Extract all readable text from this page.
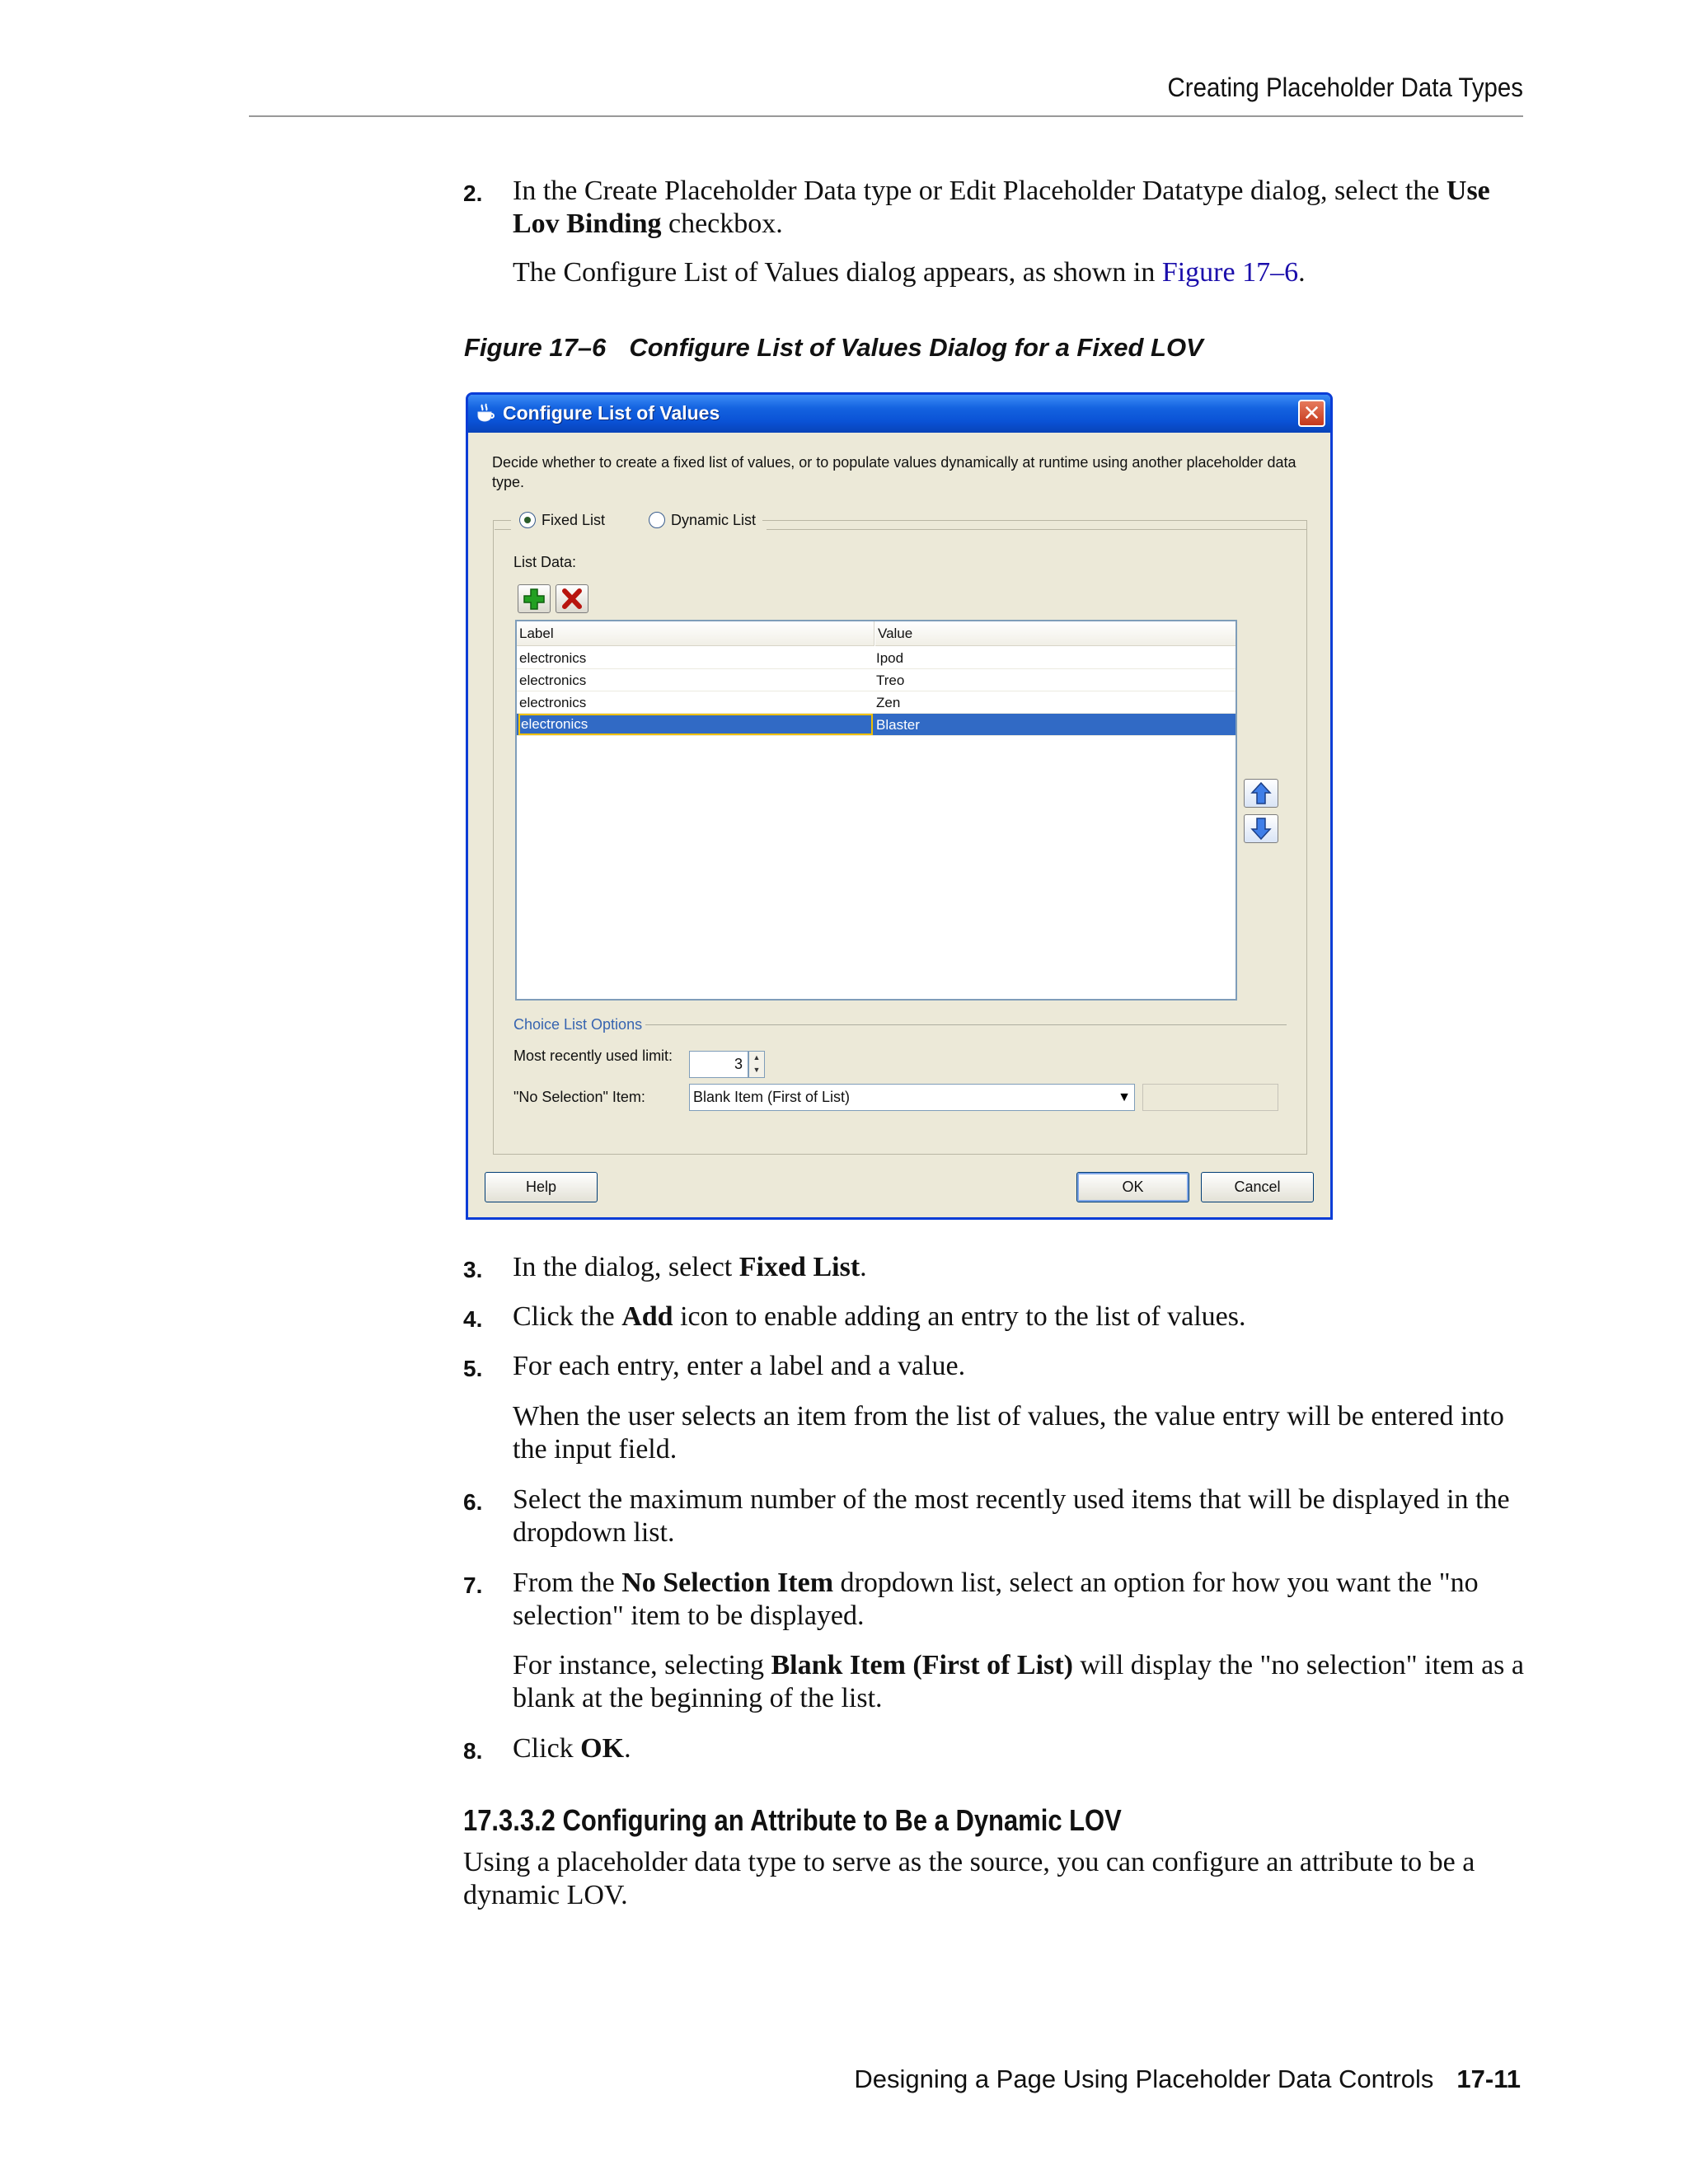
Creating Placeholder Data Types
2. In the Create Placeholder Data type or Edit Placeholder Datatype dialog, select the Use Lov Binding checkbox.
The Configure List of Values dialog appears, as shown in Figure 17–6.
Figure 17–6 Configure List of Values Dialog for a Fixed LOV
Configure List of Values	✕
Decide whether to create a fixed list of values, or to populate values dynamically at runtime using another placeholder data type.
Fixed List	Dynamic List
List Data:
Label	Value
electronics	Ipod
electronics	Treo
electronics	Zen
electronics	Blaster
Choice List Options
Most recently used limit:	3	▲
▼
"No Selection" Item:	Blank Item (First of List)	▼
Help	OK	Cancel
3. In the dialog, select Fixed List.
4. Click the Add icon to enable adding an entry to the list of values.
5. For each entry, enter a label and a value.
When the user selects an item from the list of values, the value entry will be entered into the input field.
6. Select the maximum number of the most recently used items that will be displayed in the dropdown list.
7. From the No Selection Item dropdown list, select an option for how you want the "no selection" item to be displayed.
For instance, selecting Blank Item (First of List) will display the "no selection" item as a blank at the beginning of the list.
8. Click OK.
17.3.3.2 Configuring an Attribute to Be a Dynamic LOV
Using a placeholder data type to serve as the source, you can configure an attribute to be a dynamic LOV.
Designing a Page Using Placeholder Data Controls 17-11
